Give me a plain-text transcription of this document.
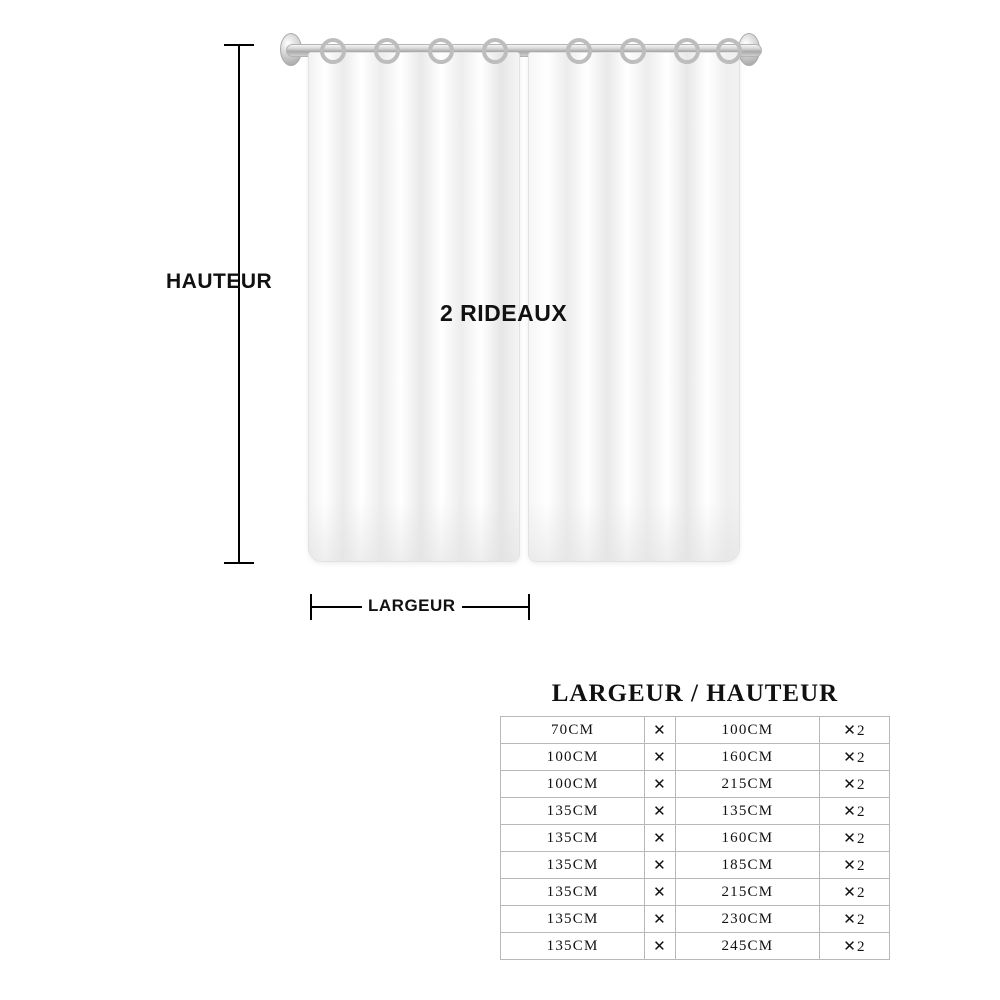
HAUTEUR
2 RIDEAUX
LARGEUR
LARGEUR / HAUTEUR
70CM	✕	100CM	✕2
100CM	✕	160CM	✕2
100CM	✕	215CM	✕2
135CM	✕	135CM	✕2
135CM	✕	160CM	✕2
135CM	✕	185CM	✕2
135CM	✕	215CM	✕2
135CM	✕	230CM	✕2
135CM	✕	245CM	✕2
